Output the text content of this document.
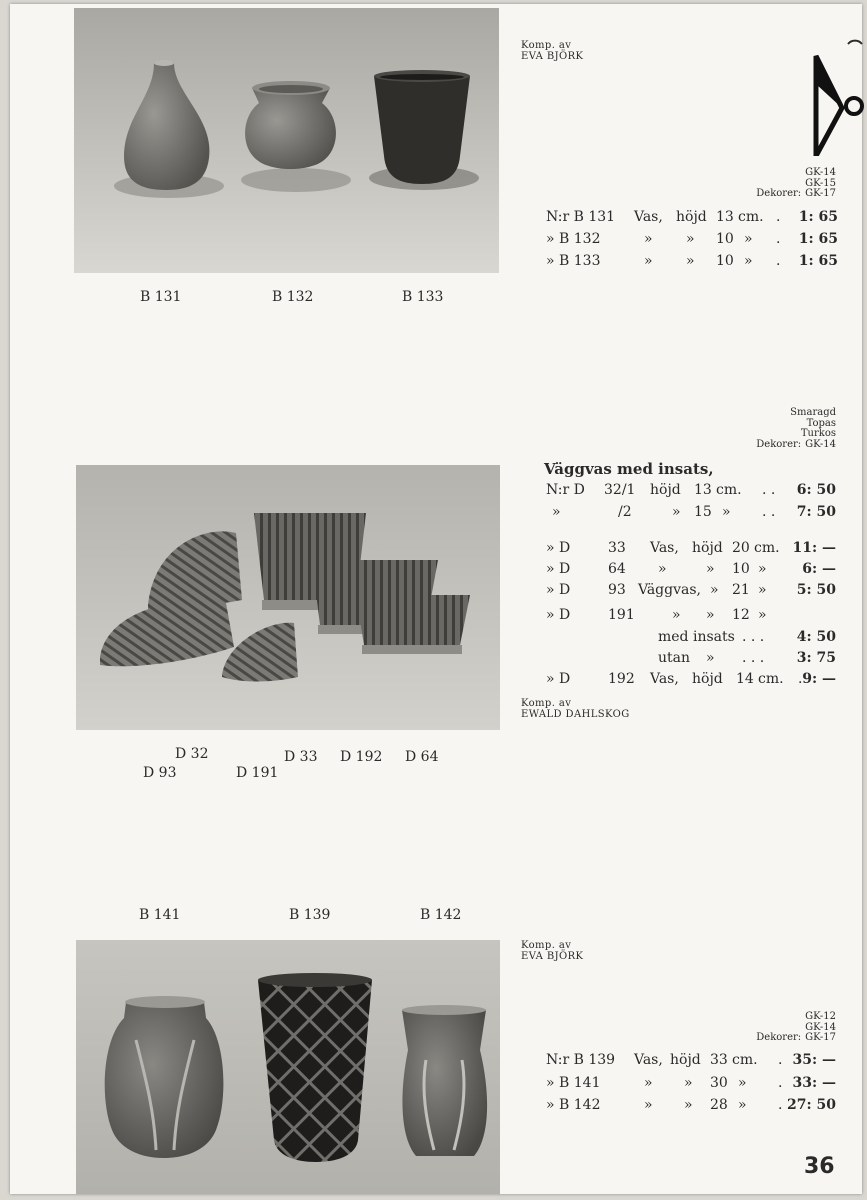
Komp. av
EVA BJÖRK
GK-14
GK-15
Dekorer: GK-17
N:r B 131 Vas, höjd 13 cm. . 1: 65
» B 132	» » 10 » . 1: 65
» B 133	» » 10 » . 1: 65
B 131	B 132	B 133
Smaragd
Topas
Turkos
Dekorer: GK-14
Väggvas med insats,
N:r D 32/1 höjd 13 cm. . . 6: 50
»	/2	» 15 » . . 7: 50
» D	33 Vas, höjd 20 cm. 11: —
» D	64 »	» 10 »	6: —
» D	93 Väggvas, » 21 » 5: 50
» D	191	» » 12 »
med insats . . . 4: 50
utan » . . . 3: 75
» D	192 Vas, höjd 14 cm. . 9: —
Komp. av
EWALD DAHLSKOG
D 32	D 33 D 192 D 64
D 93	D 191
B 141	B 139	B 142
Komp. av
EVA BJÖRK
GK-12
GK-14
Dekorer: GK-17
N:r B 139 Vas, höjd 33 cm. . 35: —
» B 141	» » 30 » . 33: —
» B 142	» » 28 » . 27: 50
36
